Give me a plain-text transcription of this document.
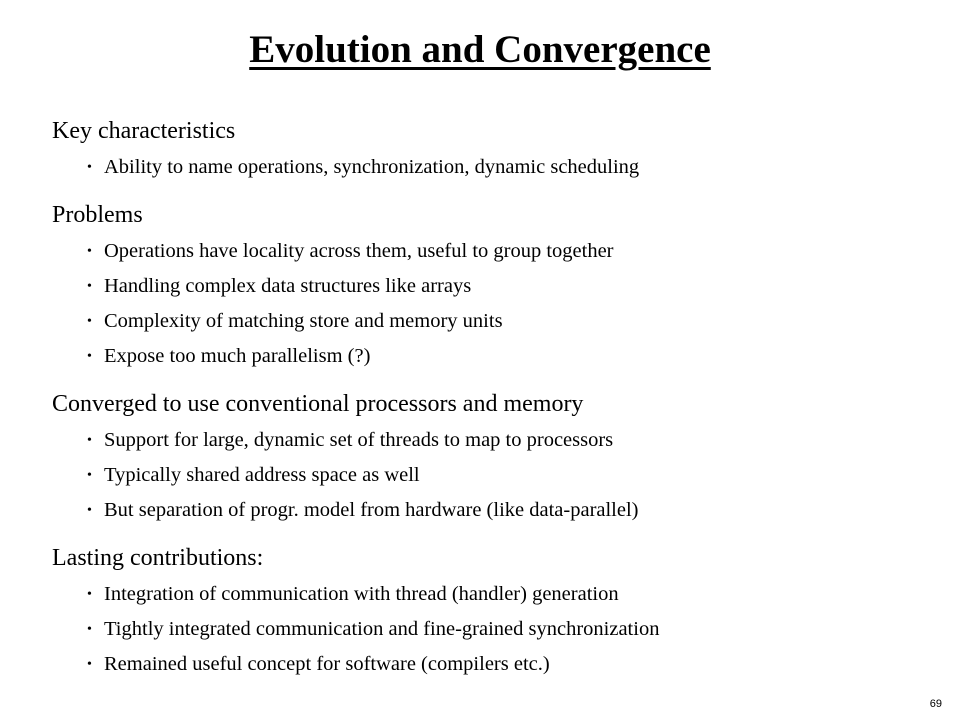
Evolution and Convergence
Key characteristics
• Ability to name operations, synchronization, dynamic scheduling
Problems
• Operations have locality across them, useful to group together
• Handling complex data structures like arrays
• Complexity of matching store and memory units
• Expose too much parallelism (?)
Converged to use conventional processors and memory
• Support for large, dynamic set of threads to map to processors
• Typically shared address space as well
• But separation of progr. model from hardware (like data-parallel)
Lasting contributions:
• Integration of communication with thread (handler) generation
• Tightly integrated communication and fine-grained synchronization
• Remained useful concept for software (compilers etc.)
69
